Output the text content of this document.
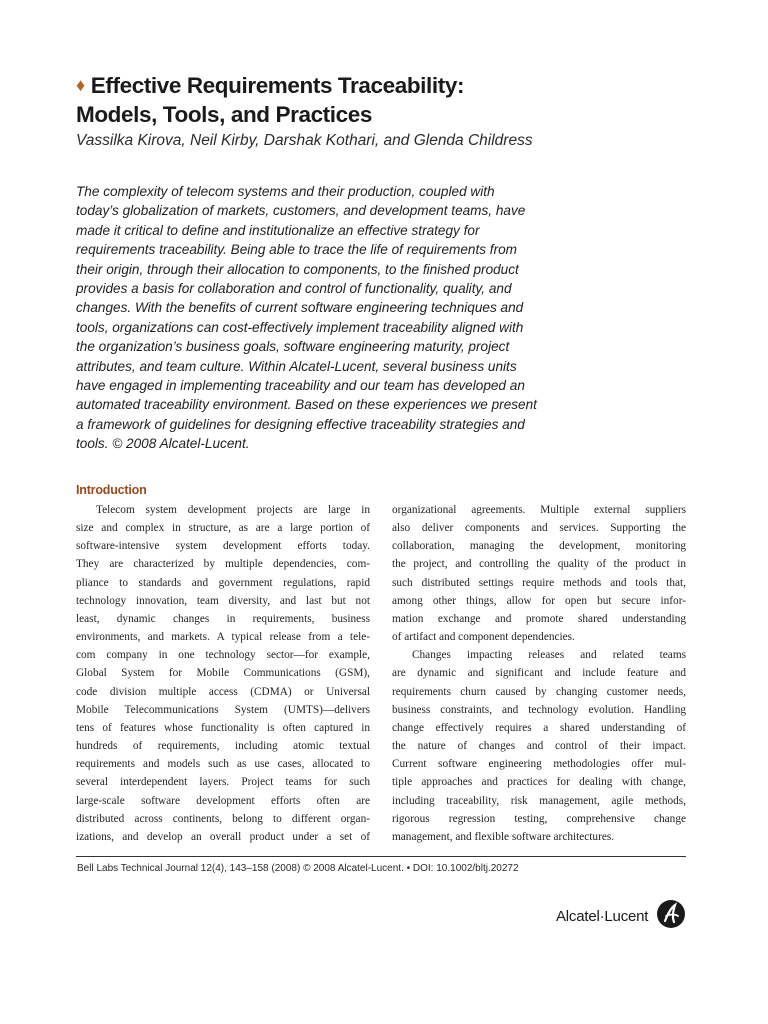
♦ Effective Requirements Traceability:
Models, Tools, and Practices
Vassilka Kirova, Neil Kirby, Darshak Kothari, and Glenda Childress
The complexity of telecom systems and their production, coupled with
today’s globalization of markets, customers, and development teams, have
made it critical to define and institutionalize an effective strategy for
requirements traceability. Being able to trace the life of requirements from
their origin, through their allocation to components, to the finished product
provides a basis for collaboration and control of functionality, quality, and
changes. With the benefits of current software engineering techniques and
tools, organizations can cost-effectively implement traceability aligned with
the organization’s business goals, software engineering maturity, project
attributes, and team culture. Within Alcatel-Lucent, several business units
have engaged in implementing traceability and our team has developed an
automated traceability environment. Based on these experiences we present
a framework of guidelines for designing effective traceability strategies and
tools. © 2008 Alcatel-Lucent.
Introduction
Telecom system development projects are large in
size and complex in structure, as are a large portion of
software-intensive system development efforts today.
They are characterized by multiple dependencies, com-
pliance to standards and government regulations, rapid
technology innovation, team diversity, and last but not
least, dynamic changes in requirements, business
environments, and markets. A typical release from a tele-
com company in one technology sector—for example,
Global System for Mobile Communications (GSM),
code division multiple access (CDMA) or Universal
Mobile Telecommunications System (UMTS)—delivers
tens of features whose functionality is often captured in
hundreds of requirements, including atomic textual
requirements and models such as use cases, allocated to
several interdependent layers. Project teams for such
large-scale software development efforts often are
distributed across continents, belong to different organ-
izations, and develop an overall product under a set of
organizational agreements. Multiple external suppliers
also deliver components and services. Supporting the
collaboration, managing the development, monitoring
the project, and controlling the quality of the product in
such distributed settings require methods and tools that,
among other things, allow for open but secure infor-
mation exchange and promote shared understanding
of artifact and component dependencies.
Changes impacting releases and related teams
are dynamic and significant and include feature and
requirements churn caused by changing customer needs,
business constraints, and technology evolution. Handling
change effectively requires a shared understanding of
the nature of changes and control of their impact.
Current software engineering methodologies offer mul-
tiple approaches and practices for dealing with change,
including traceability, risk management, agile methods,
rigorous regression testing, comprehensive change
management, and flexible software architectures.
Bell Labs Technical Journal 12(4), 143–158 (2008) © 2008 Alcatel-Lucent. • DOI: 10.1002/bltj.20272
Alcatel·Lucent
